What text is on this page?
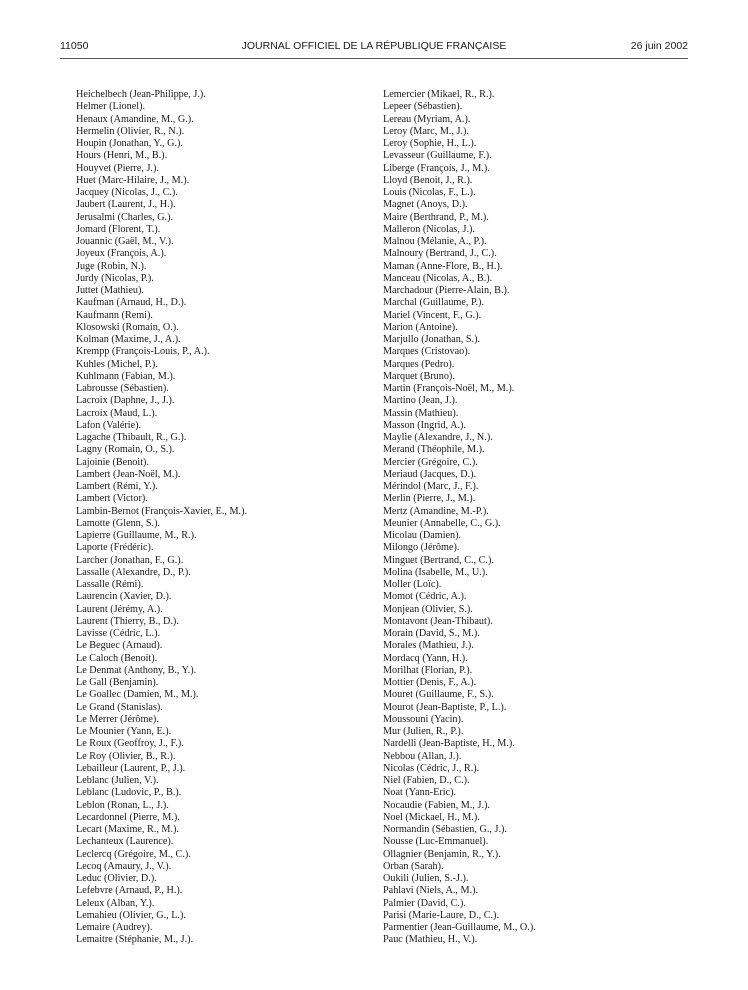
11050	JOURNAL OFFICIEL DE LA RÉPUBLIQUE FRANÇAISE	26 juin 2002
Heichelbech (Jean-Philippe, J.).
Helmer (Lionel).
Henaux (Amandine, M., G.).
Hermelin (Olivier, R., N.).
Houpin (Jonathan, Y., G.).
Hours (Henri, M., B.).
Houyvet (Pierre, J.).
Huet (Marc-Hilaire, J., M.).
Jacquey (Nicolas, J., C.).
Jaubert (Laurent, J., H.).
Jerusalmi (Charles, G.).
Jomard (Florent, T.).
Jouannic (Gaël, M., V.).
Joyeux (François, A.).
Juge (Robin, N.).
Jurdy (Nicolas, P.).
Juttet (Mathieu).
Kaufman (Arnaud, H., D.).
Kaufmann (Remi).
Klosowski (Romain, O.).
Kolman (Maxime, J., A.).
Krempp (François-Louis, P., A.).
Kuhles (Michel, P.).
Kuhlmann (Fabian, M.).
Labrousse (Sébastien).
Lacroix (Daphne, J., J.).
Lacroix (Maud, L.).
Lafon (Valérie).
Lagache (Thibault, R., G.).
Lagny (Romain, O., S.).
Lajoinie (Benoit).
Lambert (Jean-Noël, M.).
Lambert (Rémi, Y.).
Lambert (Victor).
Lambin-Bernot (François-Xavier, E., M.).
Lamotte (Glenn, S.).
Lapierre (Guillaume, M., R.).
Laporte (Frédéric).
Larcher (Jonathan, F., G.).
Lassalle (Alexandre, D., P.).
Lassalle (Rémi).
Laurencin (Xavier, D.).
Laurent (Jérémy, A.).
Laurent (Thierry, B., D.).
Lavisse (Cédric, L.).
Le Beguec (Arnaud).
Le Caloch (Benoit).
Le Denmat (Anthony, B., Y.).
Le Gall (Benjamin).
Le Goallec (Damien, M., M.).
Le Grand (Stanislas).
Le Merrer (Jérôme).
Le Mounier (Yann, E.).
Le Roux (Geoffroy, J., F.).
Le Roy (Olivier, B., R.).
Lebailleur (Laurent, P., J.).
Leblanc (Julien, V.).
Leblanc (Ludovic, P., B.).
Leblon (Ronan, L., J.).
Lecardonnel (Pierre, M.).
Lecart (Maxime, R., M.).
Lechanteux (Laurence).
Leclercq (Grégoire, M., C.).
Lecoq (Amaury, J., V.).
Leduc (Olivier, D.).
Lefebvre (Arnaud, P., H.).
Leleux (Alban, Y.).
Lemahieu (Olivier, G., L.).
Lemaire (Audrey).
Lemaitre (Stéphanie, M., J.).
Lemercier (Mikael, R., R.).
Lepeer (Sébastien).
Lereau (Myriam, A.).
Leroy (Marc, M., J.).
Leroy (Sophie, H., L.).
Levasseur (Guillaume, F.).
Liberge (François, J., M.).
Lloyd (Benoit, J., R.).
Louis (Nicolas, F., L.).
Magnet (Anoys, D.).
Maire (Berthrand, P., M.).
Malleron (Nicolas, J.).
Malnou (Mélanie, A., P.).
Malnoury (Bertrand, J., C.).
Maman (Anne-Flore, B., H.).
Manceau (Nicolas, A., B.).
Marchadour (Pierre-Alain, B.).
Marchal (Guillaume, P.).
Mariel (Vincent, F., G.).
Marion (Antoine).
Marjullo (Jonathan, S.).
Marques (Cristovao).
Marques (Pedro).
Marquet (Bruno).
Martin (François-Noël, M., M.).
Martino (Jean, J.).
Massin (Mathieu).
Masson (Ingrid, A.).
Maylie (Alexandre, J., N.).
Merand (Théophile, M.).
Mercier (Grégoire, C.).
Meriaud (Jacques, D.).
Mérindol (Marc, J., F.).
Merlin (Pierre, J., M.).
Mertz (Amandine, M.-P.).
Meunier (Annabelle, C., G.).
Micolau (Damien).
Milongo (Jérôme).
Minguet (Bertrand, C., C.).
Molina (Isabelle, M., U.).
Moller (Loïc).
Momot (Cédric, A.).
Monjean (Olivier, S.).
Montavont (Jean-Thibaut).
Morain (David, S., M.).
Morales (Mathieu, J.).
Mordacq (Yann, H.).
Morilhat (Florian, P.).
Mottier (Denis, F., A.).
Mouret (Guillaume, F., S.).
Mourot (Jean-Baptiste, P., L.).
Moussouni (Yacin).
Mur (Julien, R., P.).
Nardelli (Jean-Baptiste, H., M.).
Nebbou (Allan, J.).
Nicolas (Cédric, J., R.).
Niel (Fabien, D., C.).
Noat (Yann-Eric).
Nocaudie (Fabien, M., J.).
Noel (Mickael, H., M.).
Normandin (Sébastien, G., J.).
Nousse (Luc-Emmanuel).
Ollagnier (Benjamin, R., Y.).
Orban (Sarah).
Oukili (Julien, S.-J.).
Pahlavi (Niels, A., M.).
Palmier (David, C.).
Parisi (Marie-Laure, D., C.).
Parmentier (Jean-Guillaume, M., O.).
Pauc (Mathieu, H., V.).
